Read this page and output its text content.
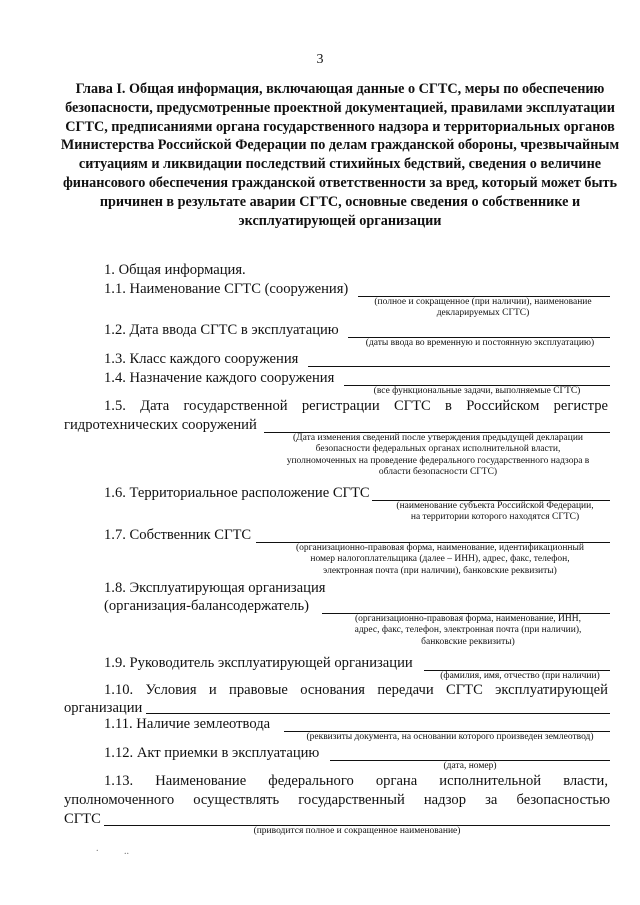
3
Глава I. Общая информация, включающая данные о СГТС, меры по обеспечению безопасности, предусмотренные проектной документацией, правилами эксплуатации СГТС, предписаниями органа государственного надзора и территориальных органов Министерства Российской Федерации по делам гражданской обороны, чрезвычайным ситуациям и ликвидации последствий стихийных бедствий, сведения о величине финансового обеспечения гражданской ответственности за вред, который может быть причинен в результате аварии СГТС, основные сведения о собственнике и эксплуатирующей организации
1. Общая информация.
1.1. Наименование СГТС (сооружения)
(полное и сокращенное (при наличии), наименование
декларируемых СГТС)
1.2. Дата ввода СГТС в эксплуатацию
(даты ввода во временную и постоянную эксплуатацию)
1.3. Класс каждого сооружения
1.4. Назначение каждого сооружения
(все функциональные задачи, выполняемые СГТС)
1.5. Дата государственной регистрации СГТС в Российском регистре
гидротехнических сооружений
(Дата изменения сведений после утверждения предыдущей декларации
безопасности федеральных органах исполнительной власти,
уполномоченных на проведение федерального государственного надзора в
области безопасности СГТС)
1.6. Территориальное расположение СГТС
(наименование субъекта Российской Федерации,
на территории которого находятся СГТС)
1.7. Собственник СГТС
(организационно-правовая форма, наименование, идентификационный
номер налогоплательщика (далее – ИНН), адрес, факс, телефон,
электронная почта (при наличии), банковские реквизиты)
1.8. Эксплуатирующая организация
(организация-балансодержатель)
(организационно-правовая форма, наименование, ИНН,
адрес, факс, телефон, электронная почта (при наличии),
банковские реквизиты)
1.9. Руководитель эксплуатирующей организации
(фамилия, имя, отчество (при наличии)
1.10. Условия и правовые основания передачи СГТС эксплуатирующей
организации
1.11. Наличие землеотвода
(реквизиты документа, на основании которого произведен землеотвод)
1.12. Акт приемки в эксплуатацию
(дата, номер)
1.13. Наименование федерального органа исполнительной власти,
уполномоченного осуществлять государственный надзор за безопасностью
СГТС
(приводится полное и сокращенное наименование)
.	..
